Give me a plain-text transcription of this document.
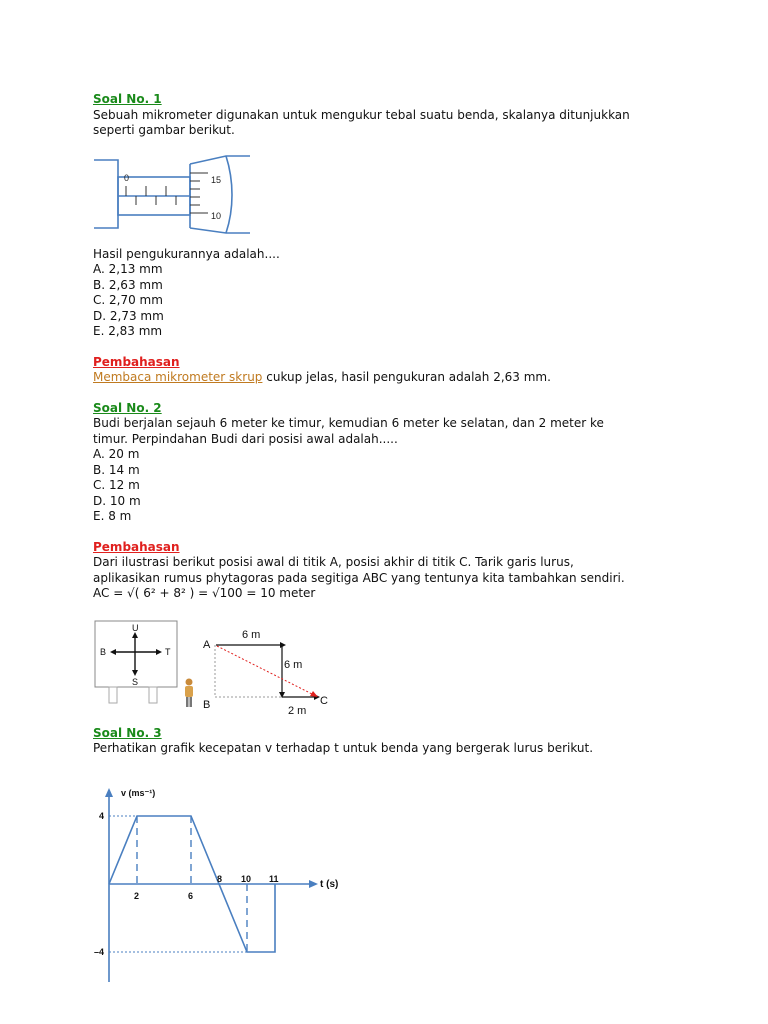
Soal No. 1
Sebuah mikrometer digunakan untuk mengukur tebal suatu benda, skalanya ditunjukkan
seperti gambar berikut.
Hasil pengukurannya adalah....
A. 2,13 mm
B. 2,63 mm
C. 2,70 mm
D. 2,73 mm
E. 2,83 mm
Pembahasan
Membaca mikrometer skrup cukup jelas, hasil pengukuran adalah 2,63 mm.
Soal No. 2
Budi berjalan sejauh 6 meter ke timur, kemudian 6 meter ke selatan, dan 2 meter ke
timur. Perpindahan Budi dari posisi awal adalah.....
A. 20 m
B. 14 m
C. 12 m
D. 10 m
E. 8 m
Pembahasan
Dari ilustrasi berikut posisi awal di titik A, posisi akhir di titik C. Tarik garis lurus,
aplikasikan rumus phytagoras pada segitiga ABC yang tentunya kita tambahkan sendiri.
AC = √( 6² + 8² ) = √100 = 10 meter
Soal No. 3
Perhatikan grafik kecepatan v terhadap t untuk benda yang bergerak lurus berikut.
0	15
10
U
S
B	T
A
B	C
6 m
6 m
2 m
v (ms⁻¹)
t (s)
4
–4
2	6
8 10 11
